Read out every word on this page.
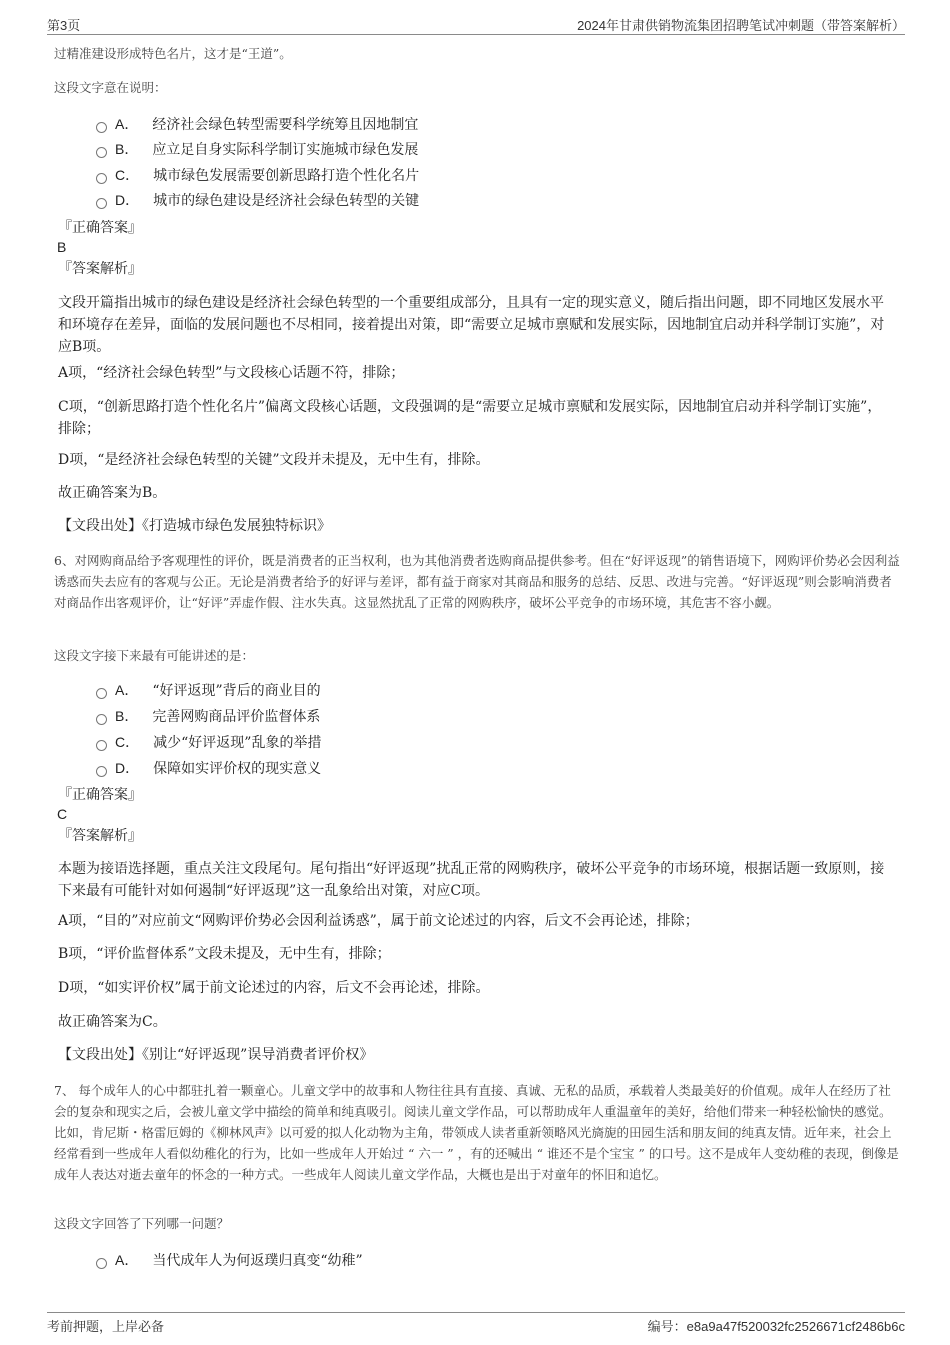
第3页	2024年甘肃供销物流集团招聘笔试冲刺题（带答案解析）
过精准建设形成特色名片，这才是“王道”。
这段文字意在说明：
A． 经济社会绿色转型需要科学统筹且因地制宜
B． 应立足自身实际科学制订实施城市绿色发展
C． 城市绿色发展需要创新思路打造个性化名片
D． 城市的绿色建设是经济社会绿色转型的关键
『正确答案』
B
『答案解析』
文段开篇指出城市的绿色建设是经济社会绿色转型的一个重要组成部分，且具有一定的现实意义，随后指出问题，即不同地区发展水平和环境存在差异，面临的发展问题也不尽相同，接着提出对策，即“需要立足城市禀赋和发展实际，因地制宜启动并科学制订实施”，对应B项。
A项，“经济社会绿色转型”与文段核心话题不符，排除；
C项，“创新思路打造个性化名片”偏离文段核心话题，文段强调的是“需要立足城市禀赋和发展实际，因地制宜启动并科学制订实施”，排除；
D项，“是经济社会绿色转型的关键”文段并未提及，无中生有，排除。
故正确答案为B。
【文段出处】《打造城市绿色发展独特标识》
6、对网购商品给予客观理性的评价，既是消费者的正当权利，也为其他消费者选购商品提供参考。但在“好评返现”的销售语境下，网购评价势必会因利益诱惑而失去应有的客观与公正。无论是消费者给予的好评与差评，都有益于商家对其商品和服务的总结、反思、改进与完善。“好评返现”则会影响消费者对商品作出客观评价，让“好评”弄虚作假、注水失真。这显然扰乱了正常的网购秩序，破坏公平竞争的市场环境，其危害不容小觑。
这段文字接下来最有可能讲述的是：
A． “好评返现”背后的商业目的
B． 完善网购商品评价监督体系
C． 减少“好评返现”乱象的举措
D． 保障如实评价权的现实意义
『正确答案』
C
『答案解析』
本题为接语选择题，重点关注文段尾句。尾句指出“好评返现”扰乱正常的网购秩序，破坏公平竞争的市场环境，根据话题一致原则，接下来最有可能针对如何遏制“好评返现”这一乱象给出对策，对应C项。
A项，“目的”对应前文“网购评价势必会因利益诱惑”，属于前文论述过的内容，后文不会再论述，排除；
B项，“评价监督体系”文段未提及，无中生有，排除；
D项，“如实评价权”属于前文论述过的内容，后文不会再论述，排除。
故正确答案为C。
【文段出处】《别让“好评返现”误导消费者评价权》
7、 每个成年人的心中都驻扎着一颗童心。儿童文学中的故事和人物往往具有直接、真诚、无私的品质，承载着人类最美好的价值观。成年人在经历了社会的复杂和现实之后，会被儿童文学中描绘的简单和纯真吸引。阅读儿童文学作品，可以帮助成年人重温童年的美好，给他们带来一种轻松愉快的感觉。比如，肯尼斯・格雷厄姆的《柳林风声》以可爱的拟人化动物为主角，带领成人读者重新领略风光旖旎的田园生活和朋友间的纯真友情。近年来，社会上经常看到一些成年人看似幼稚化的行为，比如一些成年人开始过 “ 六一 ” ，有的还喊出 “ 谁还不是个宝宝 ” 的口号。这不是成年人变幼稚的表现，倒像是成年人表达对逝去童年的怀念的一种方式。一些成年人阅读儿童文学作品，大概也是出于对童年的怀旧和追忆。
这段文字回答了下列哪一问题？
A． 当代成年人为何返璞归真变“幼稚”
考前押题，上岸必备	编号：e8a9a47f520032fc2526671cf2486b6c
